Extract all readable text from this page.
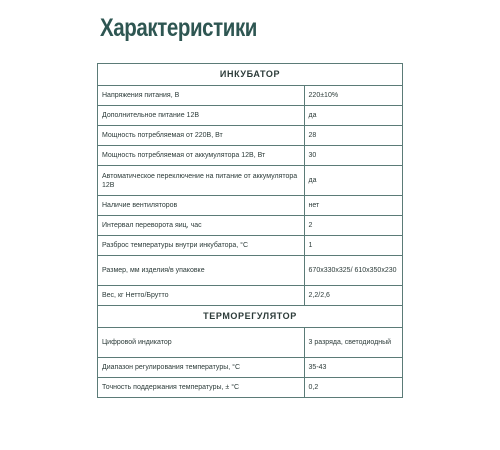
Характеристики
ИНКУБАТОР	
Напряжения питания, В	220±10%
Дополнительное питание 12В	да
Мощность потребляемая от 220В, Вт	28
Мощность потребляемая от аккумулятора 12В, Вт	30
Автоматическое переключение на питание от аккумулятора 12В	да
Наличие вентиляторов	нет
Интервал переворота яиц, час	2
Разброс температуры внутри инкубатора, °С	1
Размер, мм изделия/в упаковке	670x330x325/ 610x350x230
Вес, кг Нетто/Брутто	2,2/2,6
ТЕРМОРЕГУЛЯТОР	
Цифровой индикатор	3 разряда, светодиодный
Диапазон регулирования температуры, °С	35-43
Точность поддержания температуры, ± °С	0,2
